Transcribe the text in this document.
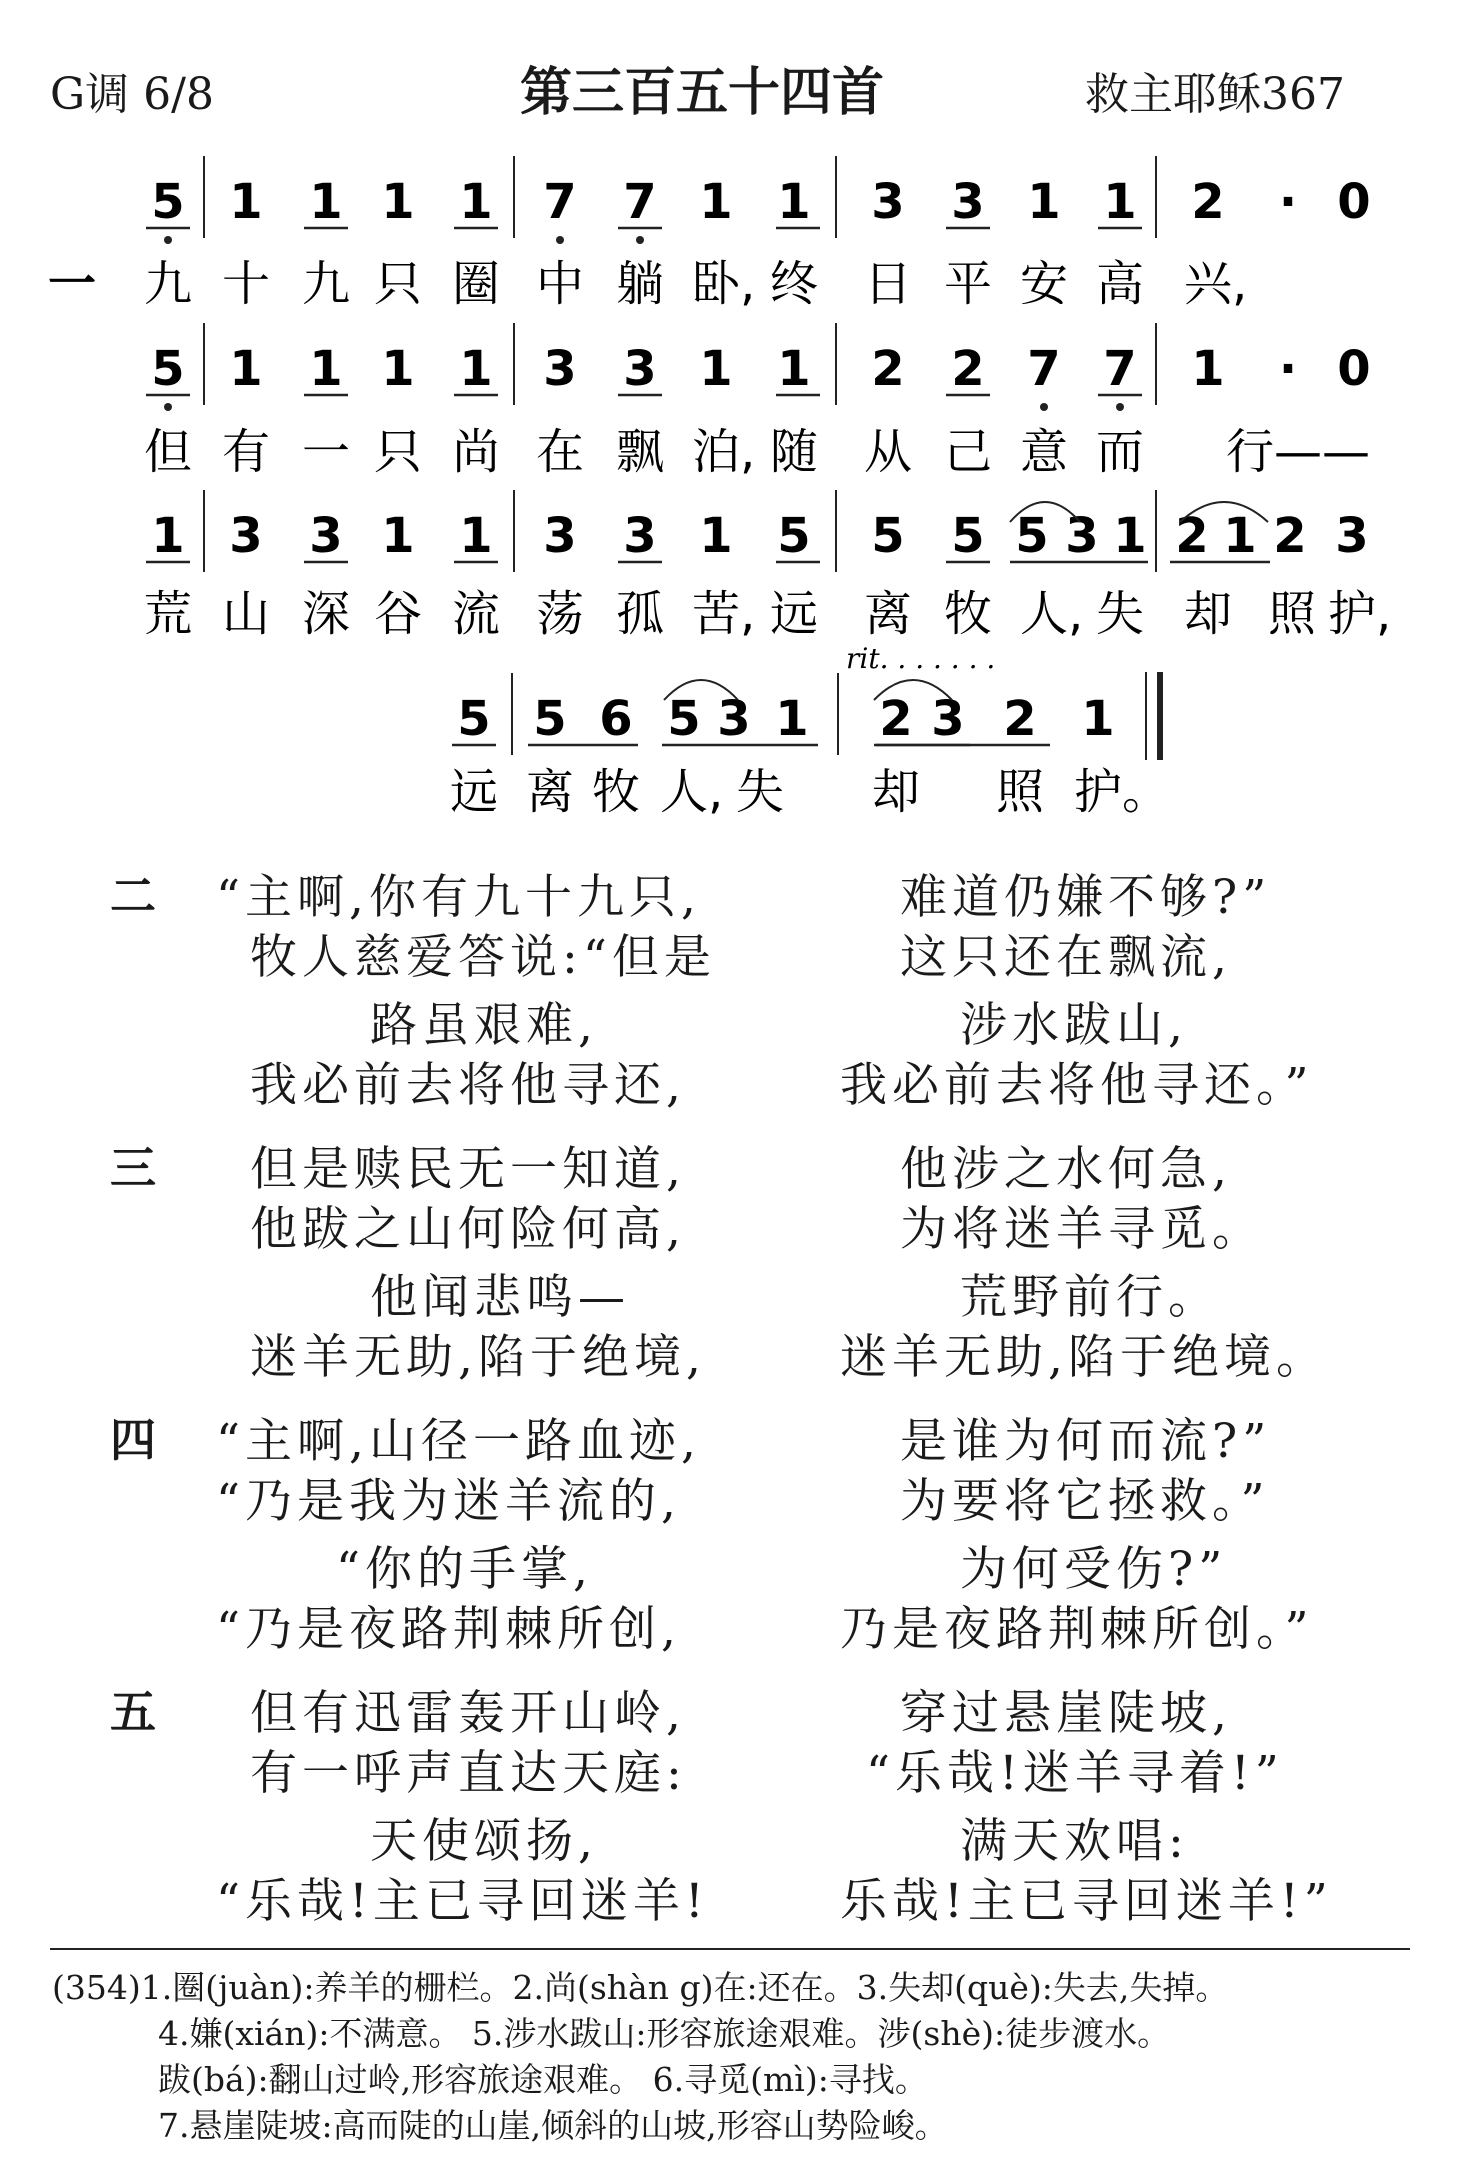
G调 6/8	第三百五十四首	救主耶稣367
一
5 1 1 1 1 7 7 1 1 3 3 1 1 2 · 0
九 十 九 只 圈 中 躺 卧, 终 日 平 安 高 兴,
5 1 1 1 1 3 3 1 1 2 2 7 7 1 · 0
但 有 一 只 尚 在 飘 泊, 随 从 己 意 而 行——
1 3 3 1 1 3 3 1 5 5 5 5 3 1 2 1 2 3
荒 山 深 谷 流 荡 孤 苦, 远 离 牧 人, 失 却 照 护,
5 5 6 5 3 1 2 3 2 1
远 离 牧 人, 失 却 照 护。
rit. . . . . . .
二 “主啊,你有九十九只,
牧人慈爱答说:“但是
路虽艰难,
我必前去将他寻还,
难道仍嫌不够?”
这只还在飘流,
涉水跋山,
我必前去将他寻还。”
三 但是赎民无一知道,
他跋之山何险何高,
他闻悲鸣—
迷羊无助,陷于绝境,
他涉之水何急,
为将迷羊寻觅。
荒野前行。
迷羊无助,陷于绝境。
四 “主啊,山径一路血迹,
“乃是我为迷羊流的,
“你的手掌,
“乃是夜路荆棘所创,
是谁为何而流?”
为要将它拯救。”
为何受伤?”
乃是夜路荆棘所创。”
五 但有迅雷轰开山岭,
有一呼声直达天庭:
天使颂扬,
“乐哉!主已寻回迷羊!
穿过悬崖陡坡,
“乐哉!迷羊寻着!”
满天欢唱:
乐哉!主已寻回迷羊!”
(354)1.圈(juàn):养羊的栅栏。2.尚(shàn g)在:还在。3.失却(què):失去,失掉。
4.嫌(xián):不满意。 5.涉水跋山:形容旅途艰难。涉(shè):徒步渡水。
跋(bá):翻山过岭,形容旅途艰难。 6.寻觅(mì):寻找。
7.悬崖陡坡:高而陡的山崖,倾斜的山坡,形容山势险峻。
